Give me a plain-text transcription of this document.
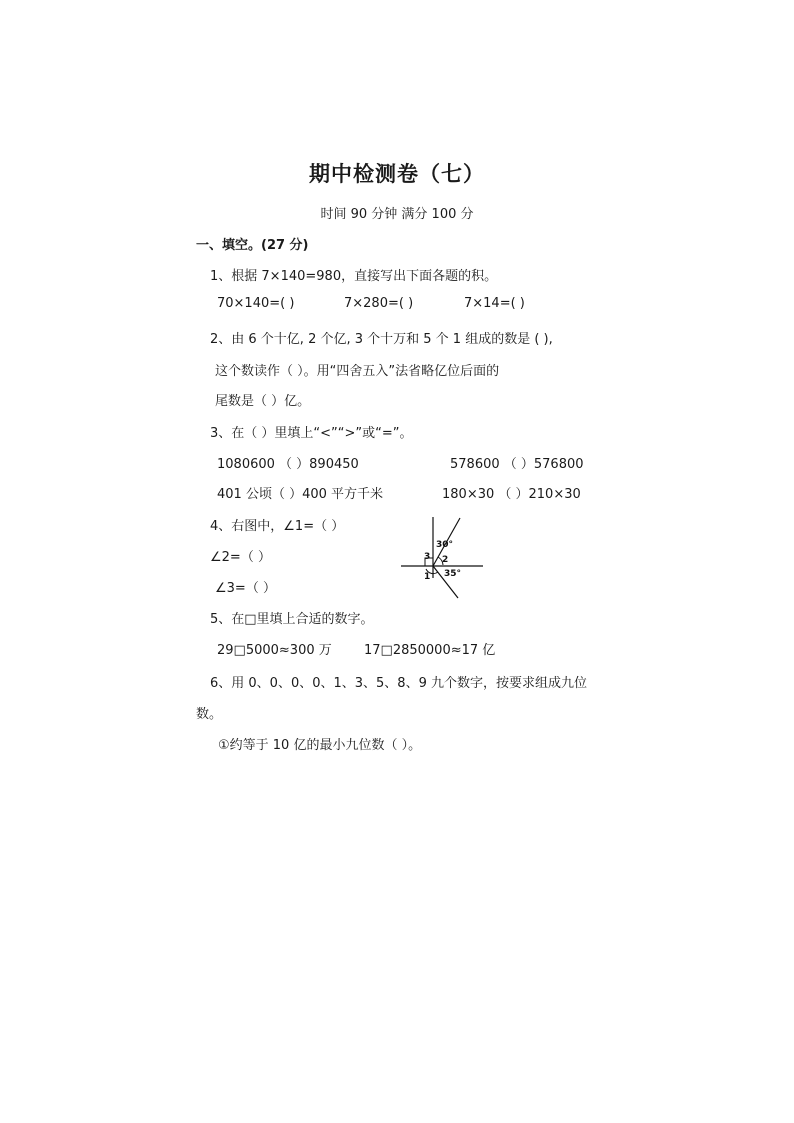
期中检测卷（七）
时间 90 分钟 满分 100 分
一、填空。(27 分)
1、根据 7×140=980，直接写出下面各题的积。
70×140=( )	7×280=( )	7×14=( )
2、由 6 个十亿, 2 个亿, 3 个十万和 5 个 1 组成的数是 ( ),
这个数读作（ ）。用“四舍五入”法省略亿位后面的
尾数是（ ）亿。
3、在（ ）里填上“<”“>”或“=”。
1080600 （ ）890450	578600 （ ）576800
401 公顷（ ）400 平方千米	180×30 （ ）210×30
4、右图中，∠1=（ ）
∠2=（ ）
∠3=（ ）
30°
3 2
1 35°
5、在□里填上合适的数字。
29□5000≈300 万 17□2850000≈17 亿
6、用 0、0、0、0、1、3、5、8、9 九个数字，按要求组成九位
数。
①约等于 10 亿的最小九位数（ ）。
